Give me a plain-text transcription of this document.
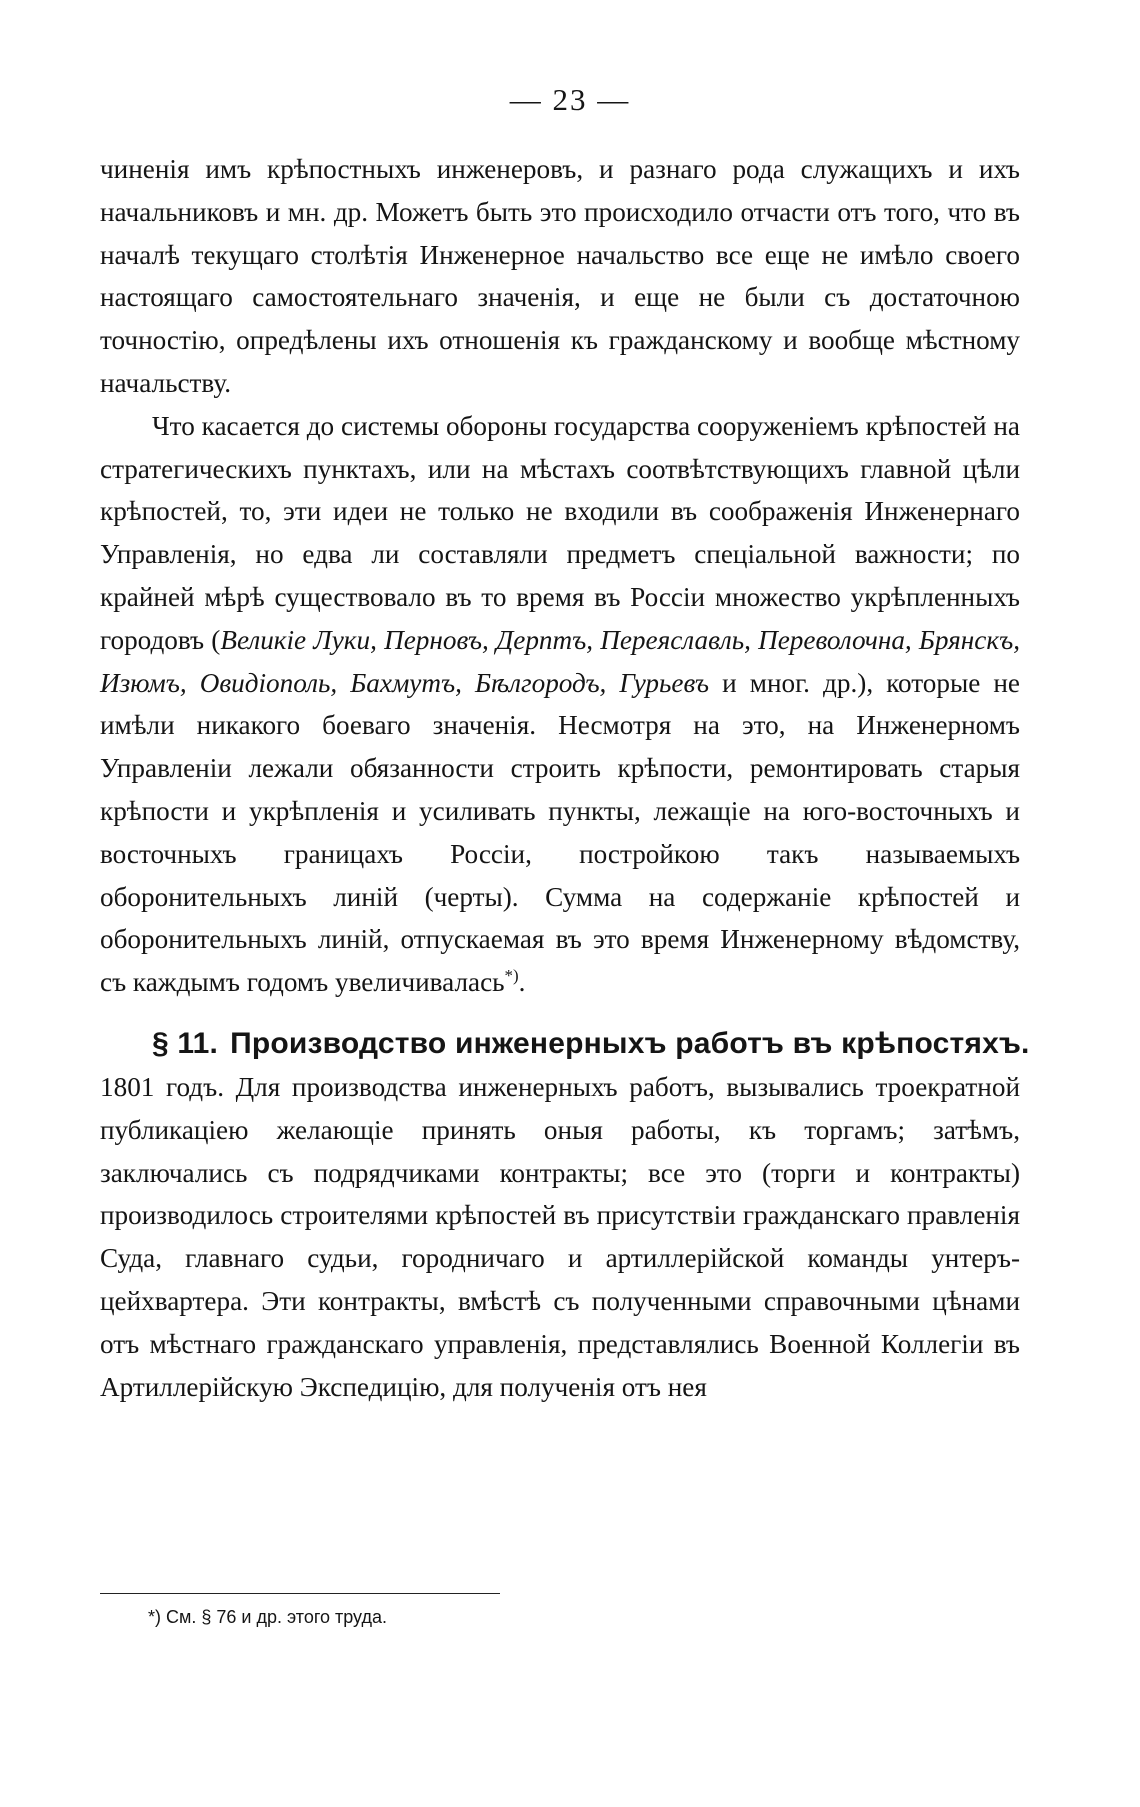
— 23 —

чиненія имъ крѣпостныхъ инженеровъ, и разнаго рода служащихъ и ихъ начальниковъ и мн. др. Можетъ быть это происходило отчасти отъ того, что въ началѣ текущаго столѣтія Инженерное начальство все еще не имѣло своего настоящаго самостоятельнаго значенія, и еще не были съ достаточною точностію, опредѣлены ихъ отношенія къ гражданскому и вообще мѣстному начальству.

Что касается до системы обороны государства сооруженіемъ крѣпостей на стратегическихъ пунктахъ, или на мѣстахъ соотвѣтствующихъ главной цѣли крѣпостей, то, эти идеи не только не входили въ соображенія Инженернаго Управленія, но едва ли составляли предметъ спеціальной важности; по крайней мѣрѣ существовало въ то время въ Россіи множество укрѣпленныхъ городовъ (Великіе Луки, Перновъ, Дерптъ, Переяславль, Переволочна, Брянскъ, Изюмъ, Овидіополь, Бахмутъ, Бѣлгородъ, Гурьевъ и мног. др.), которые не имѣли никакого боеваго значенія. Несмотря на это, на Инженерномъ Управленіи лежали обязанности строить крѣпости, ремонтировать старыя крѣпости и укрѣпленія и усиливать пункты, лежащіе на юго-восточныхъ и восточныхъ границахъ Россіи, постройкою такъ называемыхъ оборонительныхъ линій (черты). Сумма на содержаніе крѣпостей и оборонительныхъ линій, отпускаемая въ это время Инженерному вѣдомству, съ каждымъ годомъ увеличивалась*).

§ 11. Производство инженерныхъ работъ въ крѣпостяхъ.

1801 годъ. Для производства инженерныхъ работъ, вызывались троекратной публикаціею желающіе принять оныя работы, къ торгамъ; затѣмъ, заключались съ подрядчиками контракты; все это (торги и контракты) производилось строителями крѣпостей въ присутствіи гражданскаго правленія Суда, главнаго судьи, городничаго и артиллерійской команды унтеръ-цейхвартера. Эти контракты, вмѣстѣ съ полученными справочными цѣнами отъ мѣстнаго гражданскаго управленія, представлялись Военной Коллегіи въ Артиллерійскую Экспедицію, для полученія отъ нея

*) См. § 76 и др. этого труда.
